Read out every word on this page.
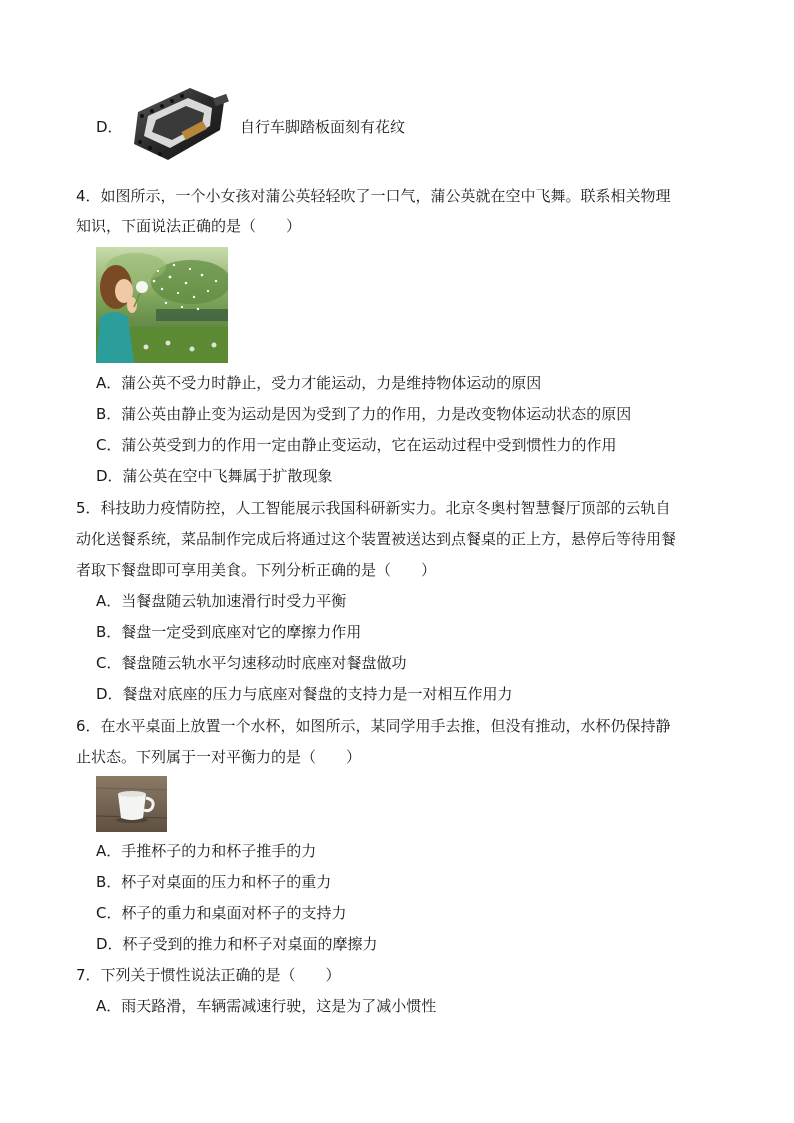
D．	自行车脚踏板面刻有花纹
4．如图所示，一个小女孩对蒲公英轻轻吹了一口气，蒲公英就在空中飞舞。联系相关物理
知识，下面说法正确的是（　　）
A．蒲公英不受力时静止，受力才能运动，力是维持物体运动的原因
B．蒲公英由静止变为运动是因为受到了力的作用，力是改变物体运动状态的原因
C．蒲公英受到力的作用一定由静止变运动，它在运动过程中受到惯性力的作用
D．蒲公英在空中飞舞属于扩散现象
5．科技助力疫情防控，人工智能展示我国科研新实力。北京冬奥村智慧餐厅顶部的云轨自
动化送餐系统，菜品制作完成后将通过这个装置被送达到点餐桌的正上方，悬停后等待用餐
者取下餐盘即可享用美食。下列分析正确的是（　　）
A．当餐盘随云轨加速滑行时受力平衡
B．餐盘一定受到底座对它的摩擦力作用
C．餐盘随云轨水平匀速移动时底座对餐盘做功
D．餐盘对底座的压力与底座对餐盘的支持力是一对相互作用力
6．在水平桌面上放置一个水杯，如图所示，某同学用手去推，但没有推动，水杯仍保持静
止状态。下列属于一对平衡力的是（　　）
A．手推杯子的力和杯子推手的力
B．杯子对桌面的压力和杯子的重力
C．杯子的重力和桌面对杯子的支持力
D．杯子受到的推力和杯子对桌面的摩擦力
7．下列关于惯性说法正确的是（　　）
A．雨天路滑，车辆需减速行驶，这是为了减小惯性
